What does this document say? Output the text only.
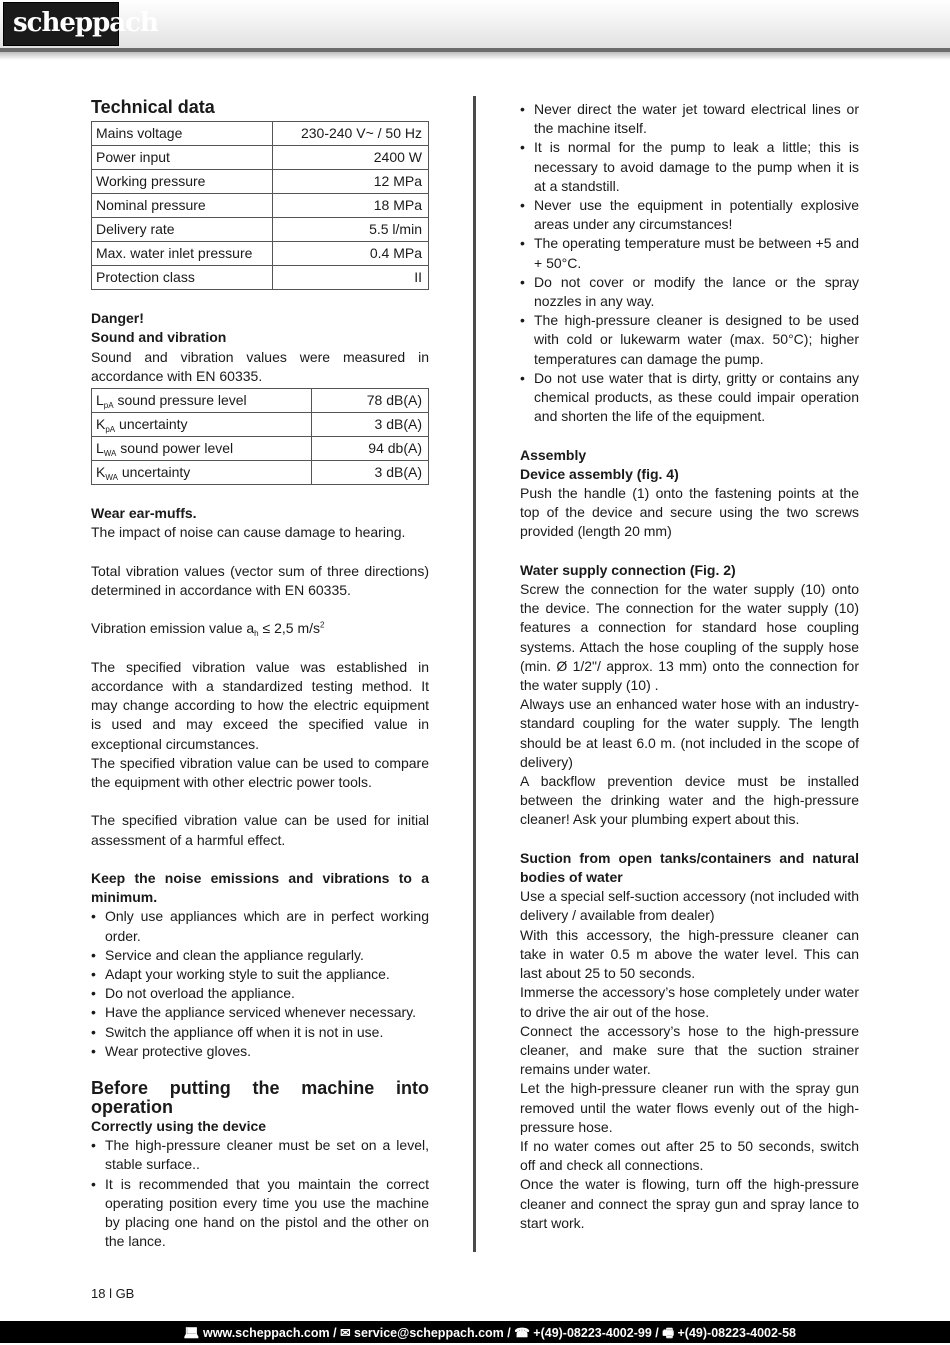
scheppach
Technical data
Mains voltage	230-240 V~ / 50 Hz
Power input	2400 W
Working pressure	12 MPa
Nominal pressure	18 MPa
Delivery rate	5.5 l/min
Max. water inlet pressure	0.4 MPa
Protection class	II
Danger!
Sound and vibration

Sound and vibration values were measured in accordance with EN 60335.

$L_{pA}$ sound pressure level	78 dB(A)
$K_{pA}$ uncertainty	3 dB(A)
$L_{WA}$ sound power level	94 db(A)
$K_{WA}$ uncertainty	3 dB(A)
Wear ear-muffs.

The impact of noise can cause damage to hearing.

Total vibration values (vector sum of three directions) determined in accordance with EN 60335.

Vibration emission value $a_h \le 2,5$ $m/s^2$

The specified vibration value was established in accordance with a standardized testing method. It may change according to how the electric equipment is used and may exceed the specified value in exceptional circumstances.

The specified vibration value can be used to compare the equipment with other electric power tools.

The specified vibration value can be used for initial assessment of a harmful effect.

Keep the noise emissions and vibrations to a minimum.

• Only use appliances which are in perfect working order.
• Service and clean the appliance regularly.
• Adapt your working style to suit the appliance.
• Do not overload the appliance.
• Have the appliance serviced whenever necessary.
• Switch the appliance off when it is not in use.
• Wear protective gloves.
Before putting the machine into operation
Correctly using the device
• The high-pressure cleaner must be set on a level, stable surface..
• It is recommended that you maintain the correct operating position every time you use the machine by placing one hand on the pistol and the other on the lance.
• Never direct the water jet toward electrical lines or the machine itself.
• It is normal for the pump to leak a little; this is necessary to avoid damage to the pump when it is at a standstill.
• Never use the equipment in potentially explosive areas under any circumstances!
• The operating temperature must be between +5 and + 50°C.
• Do not cover or modify the lance or the spray nozzles in any way.
• The high-pressure cleaner is designed to be used with cold or lukewarm water (max. 50°C); higher temperatures can damage the pump.
• Do not use water that is dirty, gritty or contains any chemical products, as these could impair operation and shorten the life of the equipment.
Assembly
Device assembly (fig. 4)

Push the handle (1) onto the fastening points at the top of the device and secure using the two screws provided (length 20 mm)

Water supply connection (Fig. 2)

Screw the connection for the water supply (10) onto the device. The connection for the water supply (10) features a connection for standard hose coupling systems. Attach the hose coupling of the supply hose (min. Ø 1/2"/ approx. 13 mm) onto the connection for the water supply (10) .

Always use an enhanced water hose with an industry-standard coupling for the water supply. The length should be at least 6.0 m. (not included in the scope of delivery)

A backflow prevention device must be installed between the drinking water and the high-pressure cleaner! Ask your plumbing expert about this.

Suction from open tanks/containers and natural bodies of water

Use a special self-suction accessory (not included with delivery / available from dealer)

With this accessory, the high-pressure cleaner can take in water 0.5 m above the water level. This can last about 25 to 50 seconds.

Immerse the accessory’s hose completely under water to drive the air out of the hose.

Connect the accessory’s hose to the high-pressure cleaner, and make sure that the suction strainer remains under water.

Let the high-pressure cleaner run with the spray gun removed until the water flows evenly out of the high-pressure hose.

If no water comes out after 25 to 50 seconds, switch off and check all connections.

Once the water is flowing, turn off the high-pressure cleaner and connect the spray gun and spray lance to start work.

18 l GB
💻︎ www.scheppach.com / ✉︎ service@scheppach.com / ☎ +(49)-08223-4002-99 / 🖷︎ +(49)-08223-4002-58
